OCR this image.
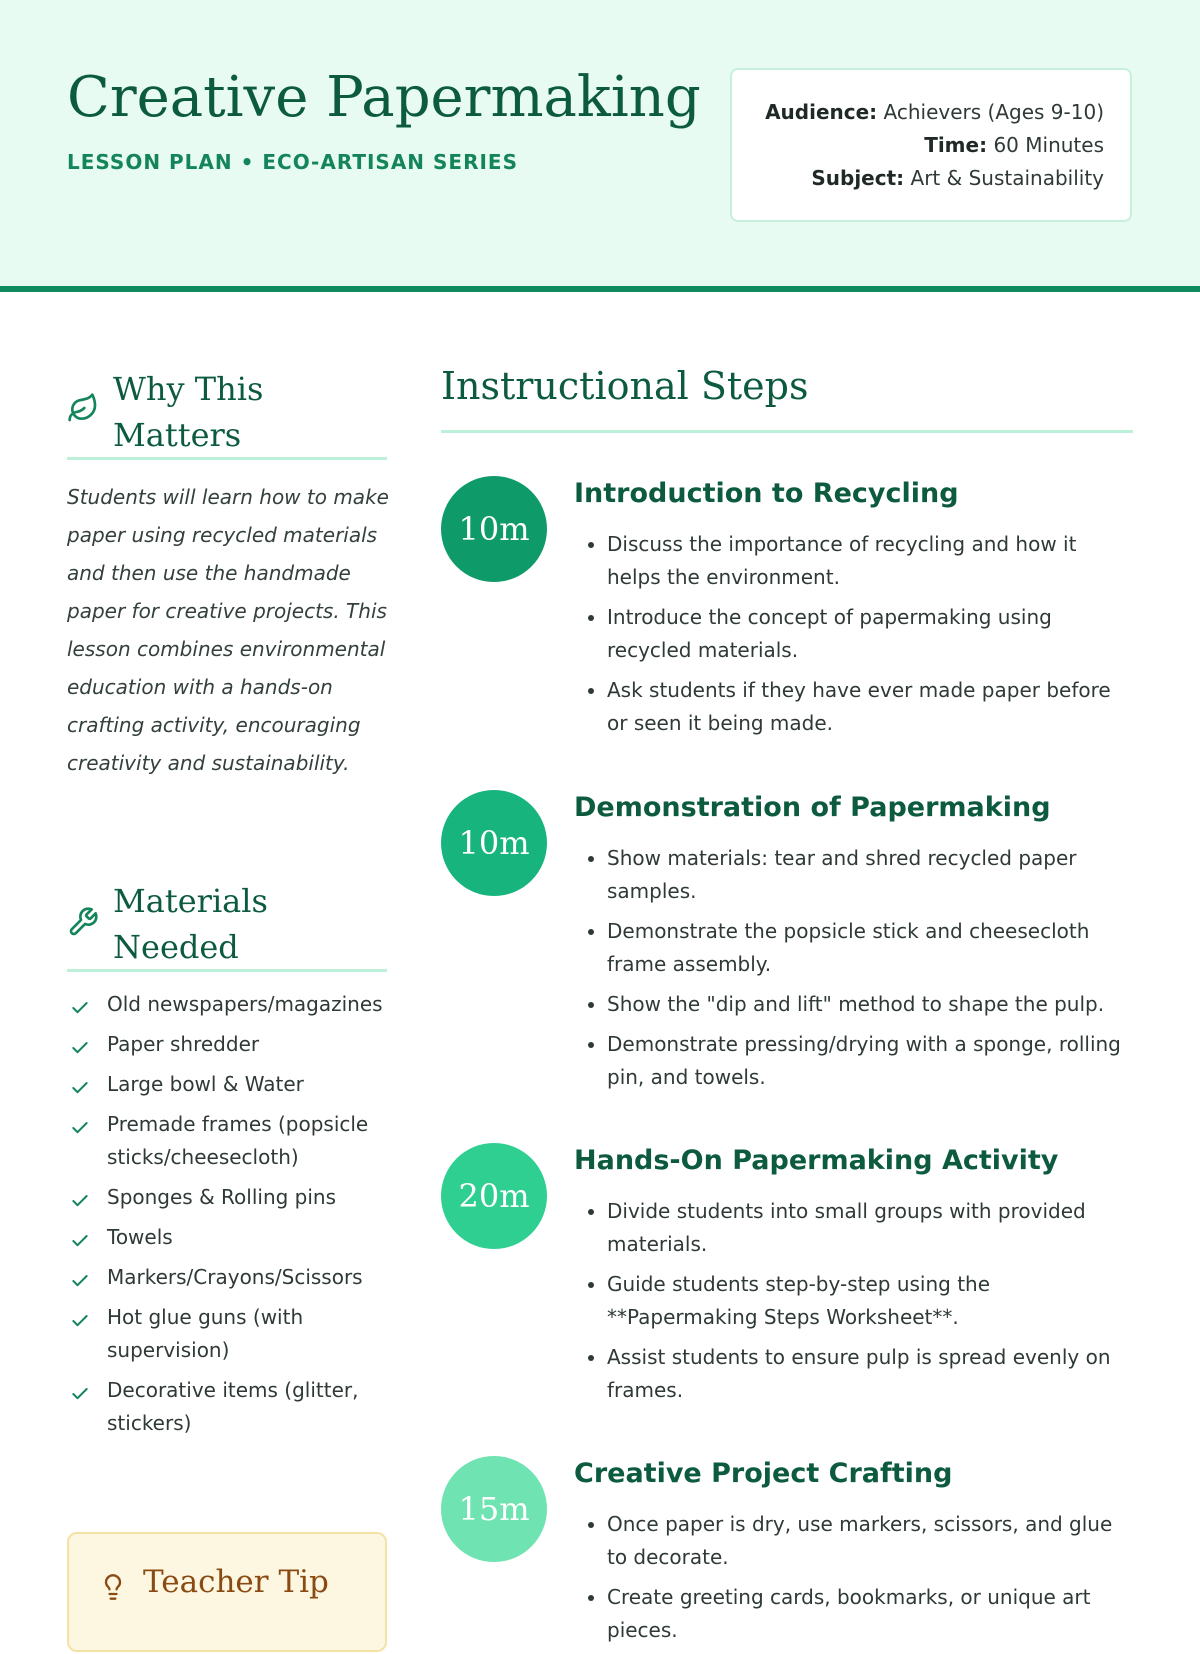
Creative Papermaking
LESSON PLAN • ECO-ARTISAN SERIES
Audience: Achievers (Ages 9-10)
Time: 60 Minutes
Subject: Art & Sustainability
Why This Matters

Students will learn how to make paper using recycled materials and then use the handmade paper for creative projects. This lesson combines environmental education with a hands-on crafting activity, encouraging creativity and sustainability.

Materials Needed
Old newspapers/magazines
Paper shredder
Large bowl & Water
Premade frames (popsicle sticks/cheesecloth)
Sponges & Rolling pins
Towels
Markers/Crayons/Scissors
Hot glue guns (with supervision)
Decorative items (glitter, stickers)
Teacher Tip
Instructional Steps
10m
Introduction to Recycling
• Discuss the importance of recycling and how it helps the environment.
• Introduce the concept of papermaking using recycled materials.
• Ask students if they have ever made paper before or seen it being made.
10m
Demonstration of Papermaking
• Show materials: tear and shred recycled paper samples.
• Demonstrate the popsicle stick and cheesecloth frame assembly.
• Show the "dip and lift" method to shape the pulp.
• Demonstrate pressing/drying with a sponge, rolling pin, and towels.
20m
Hands-On Papermaking Activity
• Divide students into small groups with provided materials.
• Guide students step-by-step using the **Papermaking Steps Worksheet**.
• Assist students to ensure pulp is spread evenly on frames.
15m
Creative Project Crafting
• Once paper is dry, use markers, scissors, and glue to decorate.
• Create greeting cards, bookmarks, or unique art pieces.
